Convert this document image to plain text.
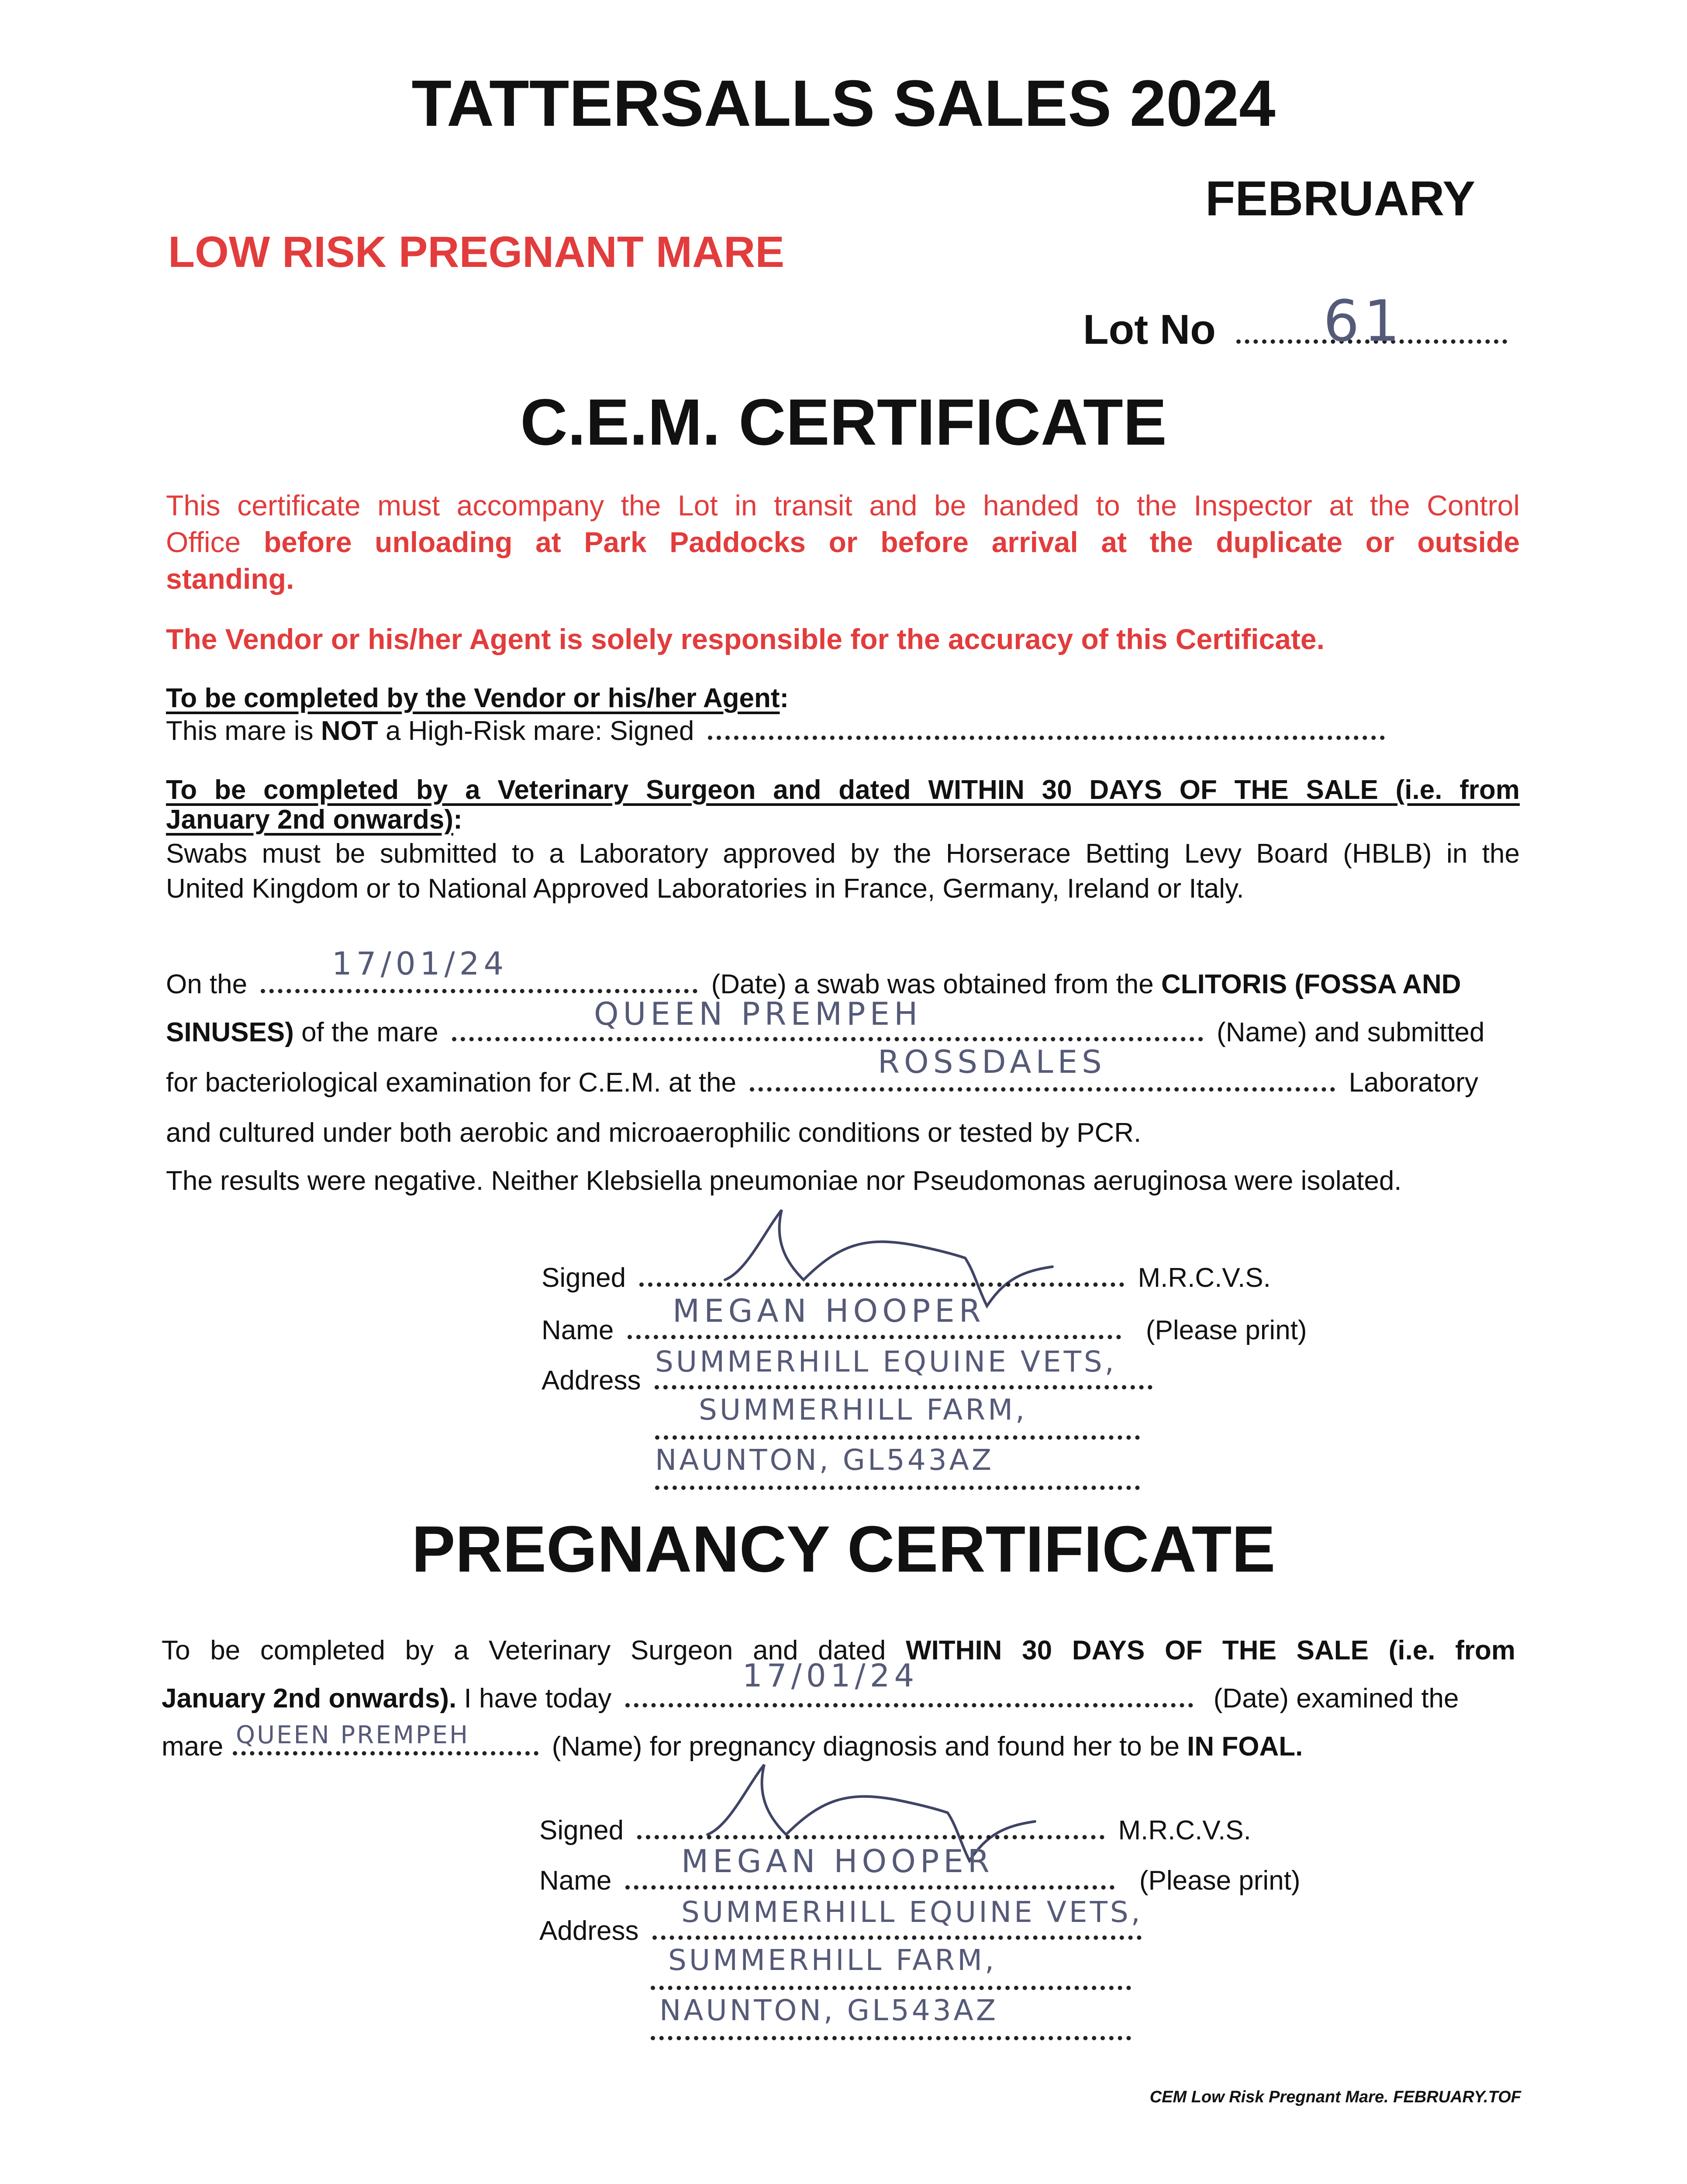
TATTERSALLS SALES 2024
FEBRUARY
LOW RISK PREGNANT MARE
Lot No	61
C.E.M. CERTIFICATE
This certificate must accompany the Lot in transit and be handed to the Inspector at the Control
Office before unloading at Park Paddocks or before arrival at the duplicate or outside
standing.
The Vendor or his/her Agent is solely responsible for the accuracy of this Certificate.
To be completed by the Vendor or his/her Agent:
This mare is NOT a High-Risk mare: Signed
To be completed by a Veterinary Surgeon and dated WITHIN 30 DAYS OF THE SALE (i.e. from
January 2nd onwards):
Swabs must be submitted to a Laboratory approved by the Horserace Betting Levy Board (HBLB) in the
United Kingdom or to National Approved Laboratories in France, Germany, Ireland or Italy.
On the	(Date) a swab was obtained from the CLITORIS (FOSSA AND
17/01/24
SINUSES) of the mare	(Name) and submitted
QUEEN PREMPEH
for bacteriological examination for C.E.M. at the	Laboratory
ROSSDALES
and cultured under both aerobic and microaerophilic conditions or tested by PCR.
The results were negative. Neither Klebsiella pneumoniae nor Pseudomonas aeruginosa were isolated.
Signed	M.R.C.V.S.
Name	(Please print)
MEGAN HOOPER
Address
SUMMERHILL EQUINE VETS,
SUMMERHILL FARM,
NAUNTON, GL543AZ
PREGNANCY CERTIFICATE
To be completed by a Veterinary Surgeon and dated WITHIN 30 DAYS OF THE SALE (i.e. from
January 2nd onwards). I have today	(Date) examined the
17/01/24
mare	(Name) for pregnancy diagnosis and found her to be IN FOAL.
QUEEN PREMPEH
Signed	M.R.C.V.S.
Name	(Please print)
MEGAN HOOPER
Address
SUMMERHILL EQUINE VETS,
SUMMERHILL FARM,
NAUNTON, GL543AZ
CEM Low Risk Pregnant Mare. FEBRUARY.TOF
